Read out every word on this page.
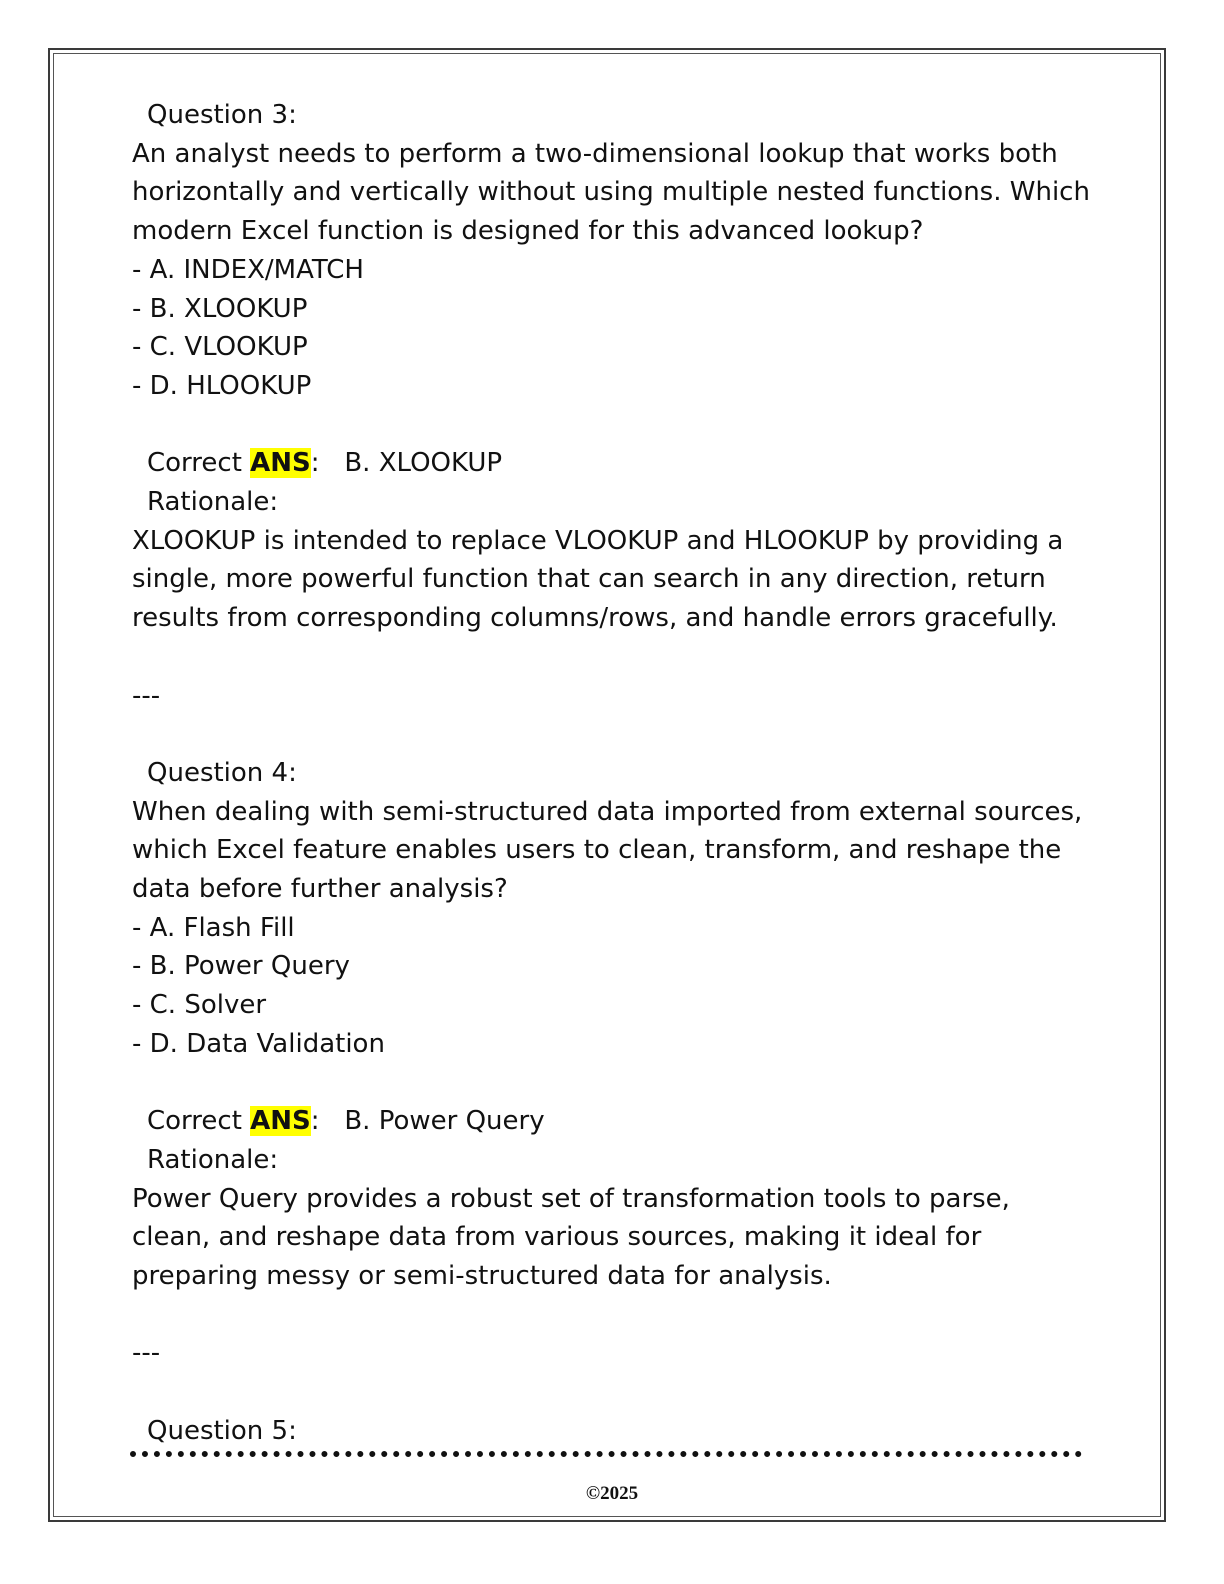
Question 3:
An analyst needs to perform a two-dimensional lookup that works both
horizontally and vertically without using multiple nested functions. Which
modern Excel function is designed for this advanced lookup?
- A. INDEX/MATCH
- B. XLOOKUP
- C. VLOOKUP
- D. HLOOKUP
Correct ANS:   B. XLOOKUP
Rationale:
XLOOKUP is intended to replace VLOOKUP and HLOOKUP by providing a
single, more powerful function that can search in any direction, return
results from corresponding columns/rows, and handle errors gracefully.
---
Question 4:
When dealing with semi-structured data imported from external sources,
which Excel feature enables users to clean, transform, and reshape the
data before further analysis?
- A. Flash Fill
- B. Power Query
- C. Solver
- D. Data Validation
Correct ANS:   B. Power Query
Rationale:
Power Query provides a robust set of transformation tools to parse,
clean, and reshape data from various sources, making it ideal for
preparing messy or semi-structured data for analysis.
---
Question 5:
©2025
